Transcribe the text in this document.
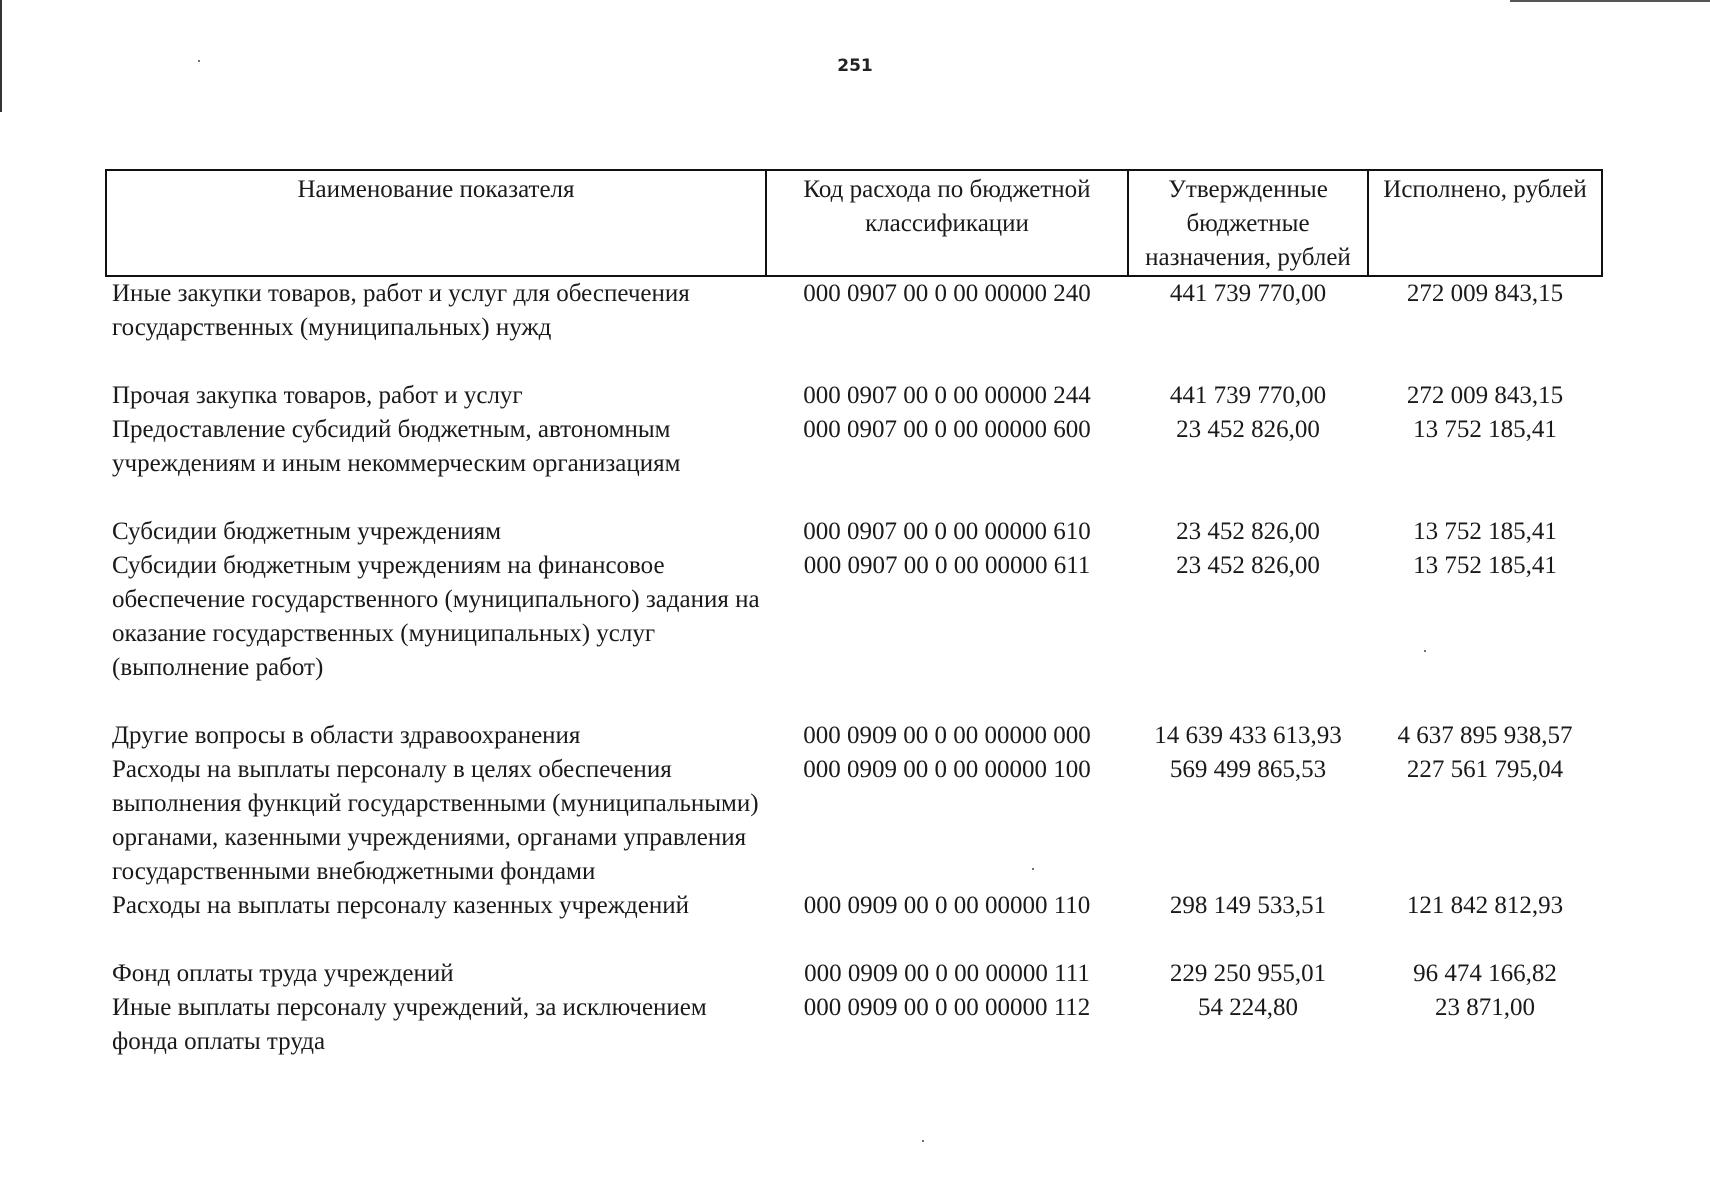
251
Наименование показателя	Код расхода по бюджетной классификации	Утвержденные бюджетные назначения, рублей	Исполнено, рублей
Иные закупки товаров, работ и услуг для обеспечения государственных (муниципальных) нужд	000 0907 00 0 00 00000 240	441 739 770,00	272 009 843,15
Прочая закупка товаров, работ и услуг	000 0907 00 0 00 00000 244	441 739 770,00	272 009 843,15
Предоставление субсидий бюджетным, автономным учреждениям и иным некоммерческим организациям	000 0907 00 0 00 00000 600	23 452 826,00	13 752 185,41
Субсидии бюджетным учреждениям	000 0907 00 0 00 00000 610	23 452 826,00	13 752 185,41
Субсидии бюджетным учреждениям на финансовое обеспечение государственного (муниципального) задания на оказание государственных (муниципальных) услуг (выполнение работ)	000 0907 00 0 00 00000 611	23 452 826,00	13 752 185,41
Другие вопросы в области здравоохранения	000 0909 00 0 00 00000 000	14 639 433 613,93	4 637 895 938,57
Расходы на выплаты персоналу в целях обеспечения выполнения функций государственными (муниципальными) органами, казенными учреждениями, органами управления государственными внебюджетными фондами	000 0909 00 0 00 00000 100	569 499 865,53	227 561 795,04
Расходы на выплаты персоналу казенных учреждений	000 0909 00 0 00 00000 110	298 149 533,51	121 842 812,93
Фонд оплаты труда учреждений	000 0909 00 0 00 00000 111	229 250 955,01	96 474 166,82
Иные выплаты персоналу учреждений, за исключением фонда оплаты труда	000 0909 00 0 00 00000 112	54 224,80	23 871,00
